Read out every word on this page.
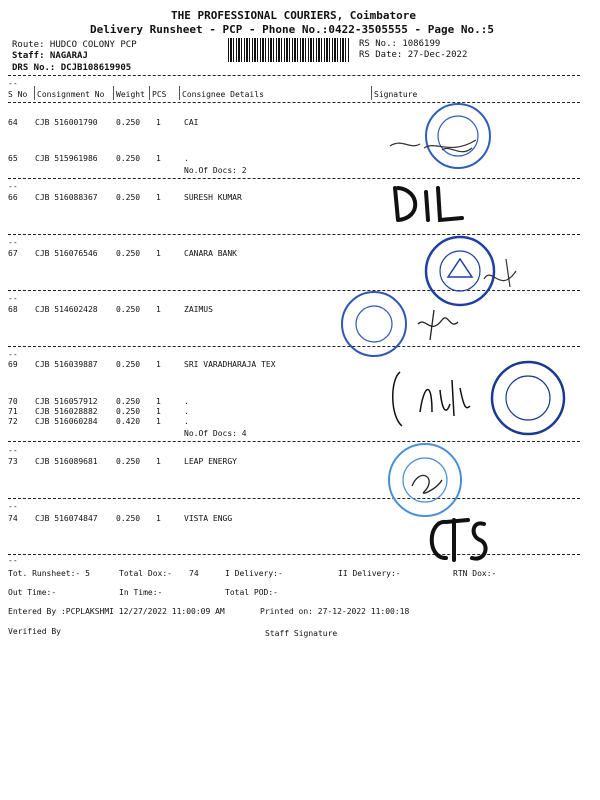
THE PROFESSIONAL COURIERS, Coimbatore
Delivery Runsheet - PCP - Phone No.:0422-3505555 - Page No.:5
Route: HUDCO COLONY PCP
Staff: NAGARAJ
DRS No.: DCJB108619905
RS No.: 1086199
RS Date: 27-Dec-2022
--
S No Consignment No Weight PCS Consignee Details	Signature
64 CJB 516001790 0.250 1	CAI
65 CJB 515961986 0.250 1	.
No.Of Docs: 2
--
66 CJB 516088367 0.250 1	SURESH KUMAR
--
67 CJB 516076546 0.250 1	CANARA BANK
--
68 CJB 514602428 0.250 1	ZAIMUS
--
69 CJB 516039887 0.250 1	SRI VARADHARAJA TEX
70 CJB 516057912 0.250 1	.
71 CJB 516028882 0.250 1	.
72 CJB 516060284 0.420 1	.
No.Of Docs: 4
--
73 CJB 516089681 0.250 1	LEAP ENERGY
--
74 CJB 516074847 0.250 1	VISTA ENGG
--
Tot. Runsheet:- 5	Total Dox:- 74	I Delivery:-	II Delivery:-	RTN Dox:-
Out Time:-	In Time:-	Total POD:-
Entered By :PCPLAKSHMI 12/27/2022 11:00:09 AM	Printed on: 27-12-2022 11:00:18
Verified By	Staff Signature
